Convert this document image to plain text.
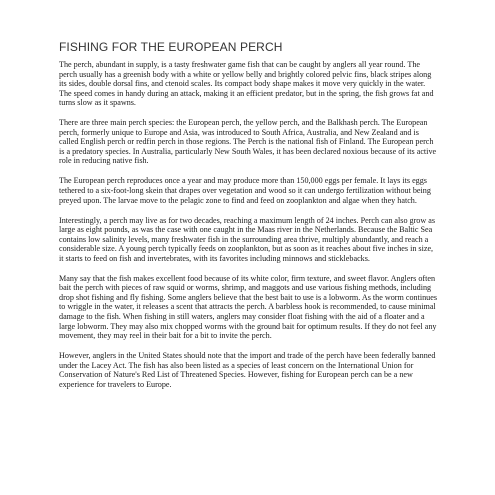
FISHING FOR THE EUROPEAN PERCH

The perch, abundant in supply, is a tasty freshwater game fish that can be caught by anglers all year round. The perch usually has a greenish body with a white or yellow belly and brightly colored pelvic fins, black stripes along its sides, double dorsal fins, and ctenoid scales. Its compact body shape makes it move very quickly in the water. The speed comes in handy during an attack, making it an efficient predator, but in the spring, the fish grows fat and turns slow as it spawns.

There are three main perch species: the European perch, the yellow perch, and the Balkhash perch. The European perch, formerly unique to Europe and Asia, was introduced to South Africa, Australia, and New Zealand and is called English perch or redfin perch in those regions. The Perch is the national fish of Finland. The European perch is a predatory species. In Australia, particularly New South Wales, it has been declared noxious because of its active role in reducing native fish.

The European perch reproduces once a year and may produce more than 150,000 eggs per female. It lays its eggs tethered to a six-foot-long skein that drapes over vegetation and wood so it can undergo fertilization without being preyed upon. The larvae move to the pelagic zone to find and feed on zooplankton and algae when they hatch.

Interestingly, a perch may live as for two decades, reaching a maximum length of 24 inches. Perch can also grow as large as eight pounds, as was the case with one caught in the Maas river in the Netherlands. Because the Baltic Sea contains low salinity levels, many freshwater fish in the surrounding area thrive, multiply abundantly, and reach a considerable size. A young perch typically feeds on zooplankton, but as soon as it reaches about five inches in size, it starts to feed on fish and invertebrates, with its favorites including minnows and sticklebacks.

Many say that the fish makes excellent food because of its white color, firm texture, and sweet flavor. Anglers often bait the perch with pieces of raw squid or worms, shrimp, and maggots and use various fishing methods, including drop shot fishing and fly fishing. Some anglers believe that the best bait to use is a lobworm. As the worm continues to wriggle in the water, it releases a scent that attracts the perch. A barbless hook is recommended, to cause minimal damage to the fish. When fishing in still waters, anglers may consider float fishing with the aid of a floater and a large lobworm. They may also mix chopped worms with the ground bait for optimum results. If they do not feel any movement, they may reel in their bait for a bit to invite the perch.

However, anglers in the United States should note that the import and trade of the perch have been federally banned under the Lacey Act. The fish has also been listed as a species of least concern on the International Union for Conservation of Nature's Red List of Threatened Species. However, fishing for European perch can be a new experience for travelers to Europe.
